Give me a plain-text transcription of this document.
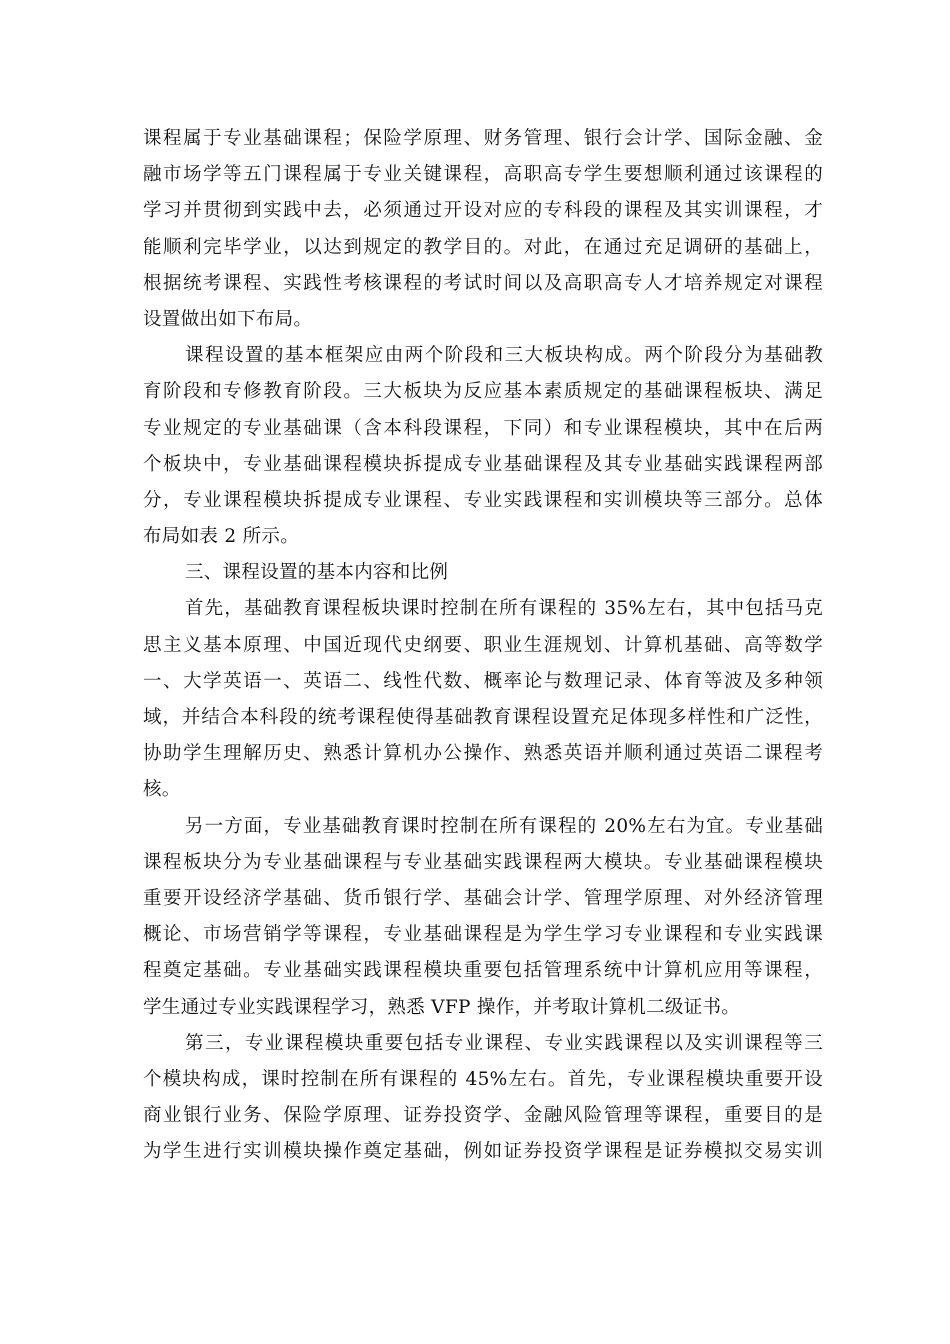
课程属于专业基础课程；保险学原理、财务管理、银行会计学、国际金融、金
融市场学等五门课程属于专业关键课程，高职高专学生要想顺利通过该课程的
学习并贯彻到实践中去，必须通过开设对应的专科段的课程及其实训课程，才
能顺利完毕学业，以达到规定的教学目的。对此，在通过充足调研的基础上，
根据统考课程、实践性考核课程的考试时间以及高职高专人才培养规定对课程
设置做出如下布局。
课程设置的基本框架应由两个阶段和三大板块构成。两个阶段分为基础教
育阶段和专修教育阶段。三大板块为反应基本素质规定的基础课程板块、满足
专业规定的专业基础课（含本科段课程，下同）和专业课程模块，其中在后两
个板块中，专业基础课程模块拆提成专业基础课程及其专业基础实践课程两部
分，专业课程模块拆提成专业课程、专业实践课程和实训模块等三部分。总体
布局如表 2 所示。
三、课程设置的基本内容和比例
首先，基础教育课程板块课时控制在所有课程的 35%左右，其中包括马克
思主义基本原理、中国近现代史纲要、职业生涯规划、计算机基础、高等数学
一、大学英语一、英语二、线性代数、概率论与数理记录、体育等波及多种领
域，并结合本科段的统考课程使得基础教育课程设置充足体现多样性和广泛性，
协助学生理解历史、熟悉计算机办公操作、熟悉英语并顺利通过英语二课程考
核。
另一方面，专业基础教育课时控制在所有课程的 20%左右为宜。专业基础
课程板块分为专业基础课程与专业基础实践课程两大模块。专业基础课程模块
重要开设经济学基础、货币银行学、基础会计学、管理学原理、对外经济管理
概论、市场营销学等课程，专业基础课程是为学生学习专业课程和专业实践课
程奠定基础。专业基础实践课程模块重要包括管理系统中计算机应用等课程，
学生通过专业实践课程学习，熟悉 VFP 操作，并考取计算机二级证书。
第三，专业课程模块重要包括专业课程、专业实践课程以及实训课程等三
个模块构成，课时控制在所有课程的 45%左右。首先，专业课程模块重要开设
商业银行业务、保险学原理、证券投资学、金融风险管理等课程，重要目的是
为学生进行实训模块操作奠定基础，例如证券投资学课程是证券模拟交易实训
